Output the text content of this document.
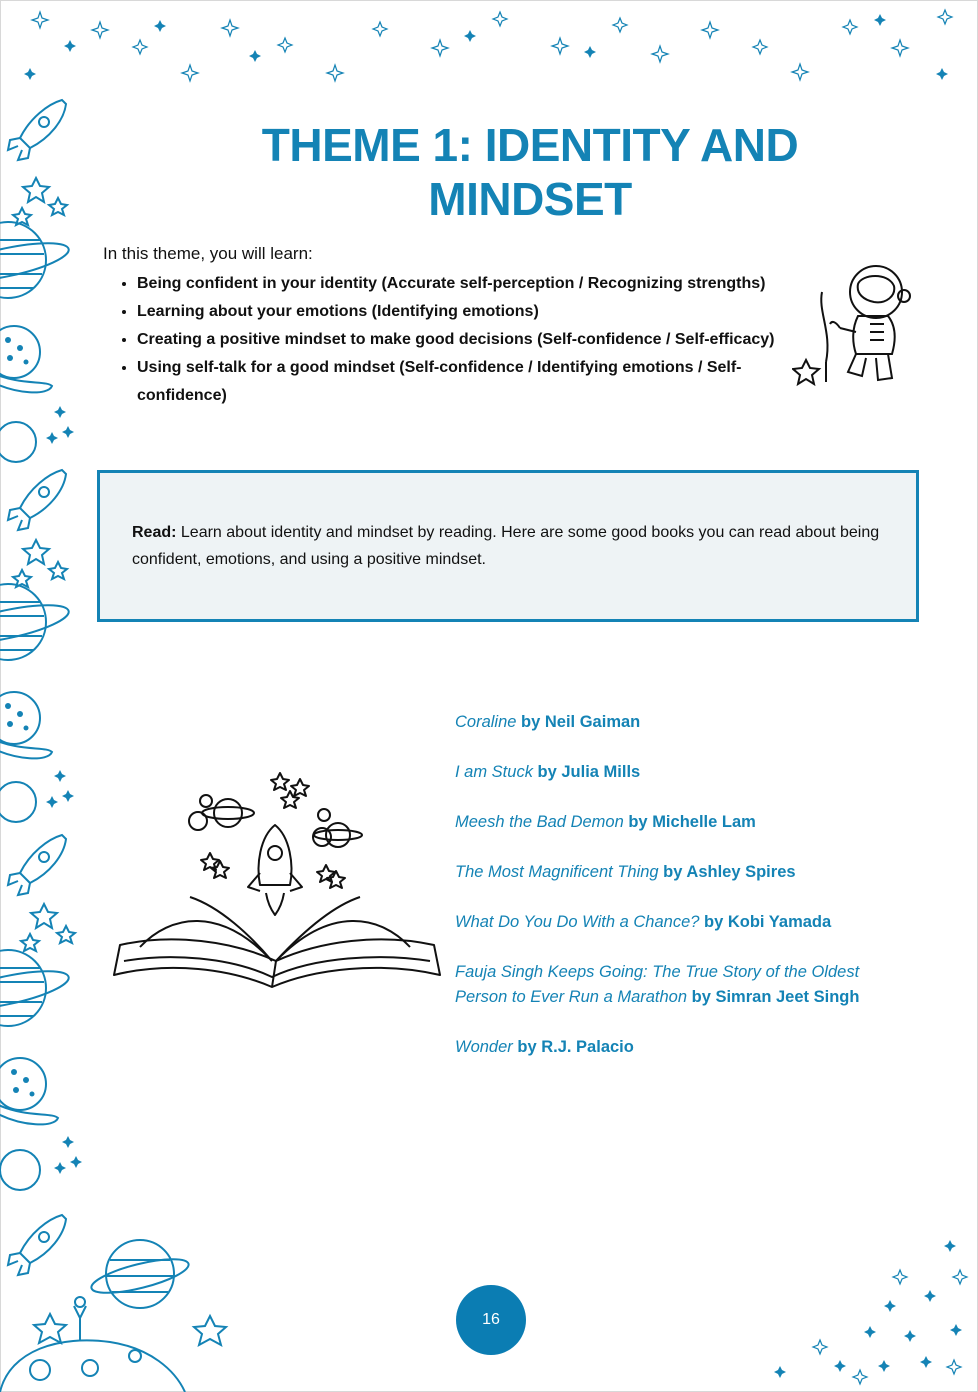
THEME 1: IDENTITY AND MINDSET

In this theme, you will learn:

• Being confident in your identity (Accurate self-perception / Recognizing strengths)
• Learning about your emotions (Identifying emotions)
• Creating a positive mindset to make good decisions (Self-confidence / Self-efficacy)
• Using self-talk for a good mindset (Self-confidence / Identifying emotions / Self-confidence)

Read: Learn about identity and mindset by reading. Here are some good books you can read about being confident, emotions, and using a positive mindset.

Coraline by Neil Gaiman

I am Stuck by Julia Mills

Meesh the Bad Demon by Michelle Lam

The Most Magnificent Thing by Ashley Spires

What Do You Do With a Chance? by Kobi Yamada

Fauja Singh Keeps Going: The True Story of the Oldest Person to Ever Run a Marathon by Simran Jeet Singh

Wonder by R.J. Palacio

16
